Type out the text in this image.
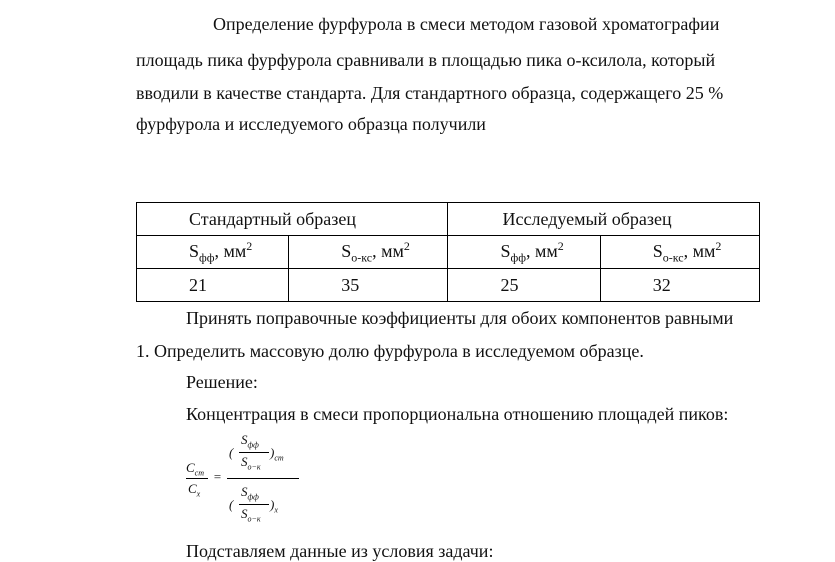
Определение фурфурола в смеси методом газовой хроматографии
площадь пика фурфурола сравнивали в площадью пика о-ксилола, который
вводили в качестве стандарта. Для стандартного образца, содержащего 25 %
фурфурола и исследуемого образца получили
Стандартный образец		Исследуемый образец	
$S_{фф}$, $мм^2$	$S_{о-кс}$, $мм^2$	$S_{фф}$, $мм^2$	$S_{о-кс}$, $мм^2$
21	35	25	32
Принять поправочные коэффициенты для обоих компонентов равными
1. Определить массовую долю фурфурола в исследуемом образце.
Решение:
Концентрация в смеси пропорциональна отношению площадей пиков:
$C_{ст}$
$C_x$
=
(
$S_{фф}$
$S_{о-к}$
)$_{ст}$
(
$S_{фф}$
$S_{о-к}$
)$_x$
Подставляем данные из условия задачи:
